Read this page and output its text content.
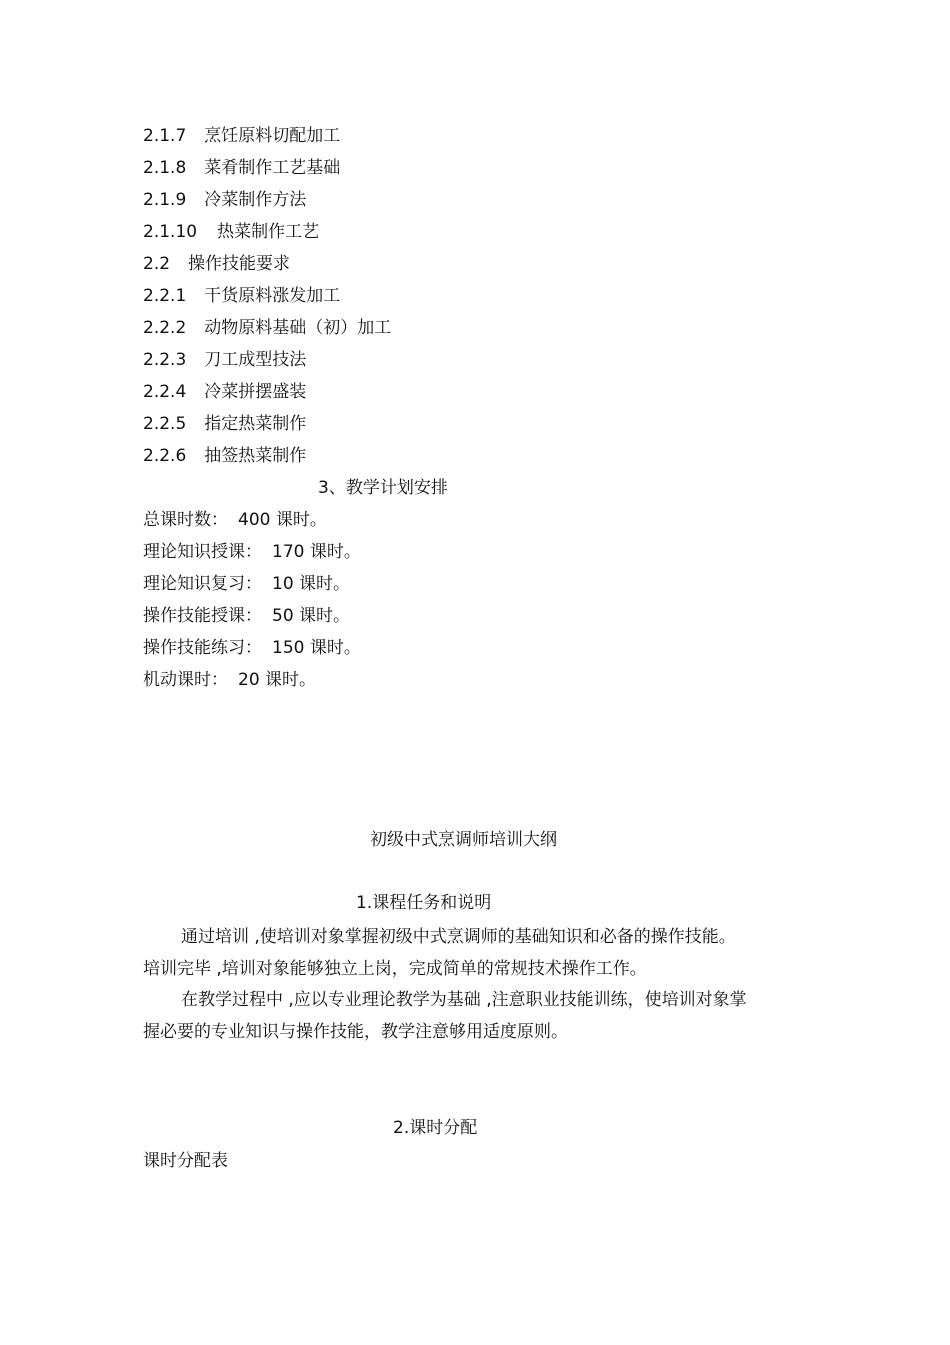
2.1.7 烹饪原料切配加工
2.1.8 菜肴制作工艺基础
2.1.9 冷菜制作方法
2.1.10 热菜制作工艺
2.2 操作技能要求
2.2.1 干货原料涨发加工
2.2.2 动物原料基础（初）加工
2.2.3 刀工成型技法
2.2.4 冷菜拼摆盛装
2.2.5 指定热菜制作
2.2.6 抽签热菜制作
3、教学计划安排
总课时数： 400 课时。
理论知识授课： 170 课时。
理论知识复习： 10 课时。
操作技能授课： 50 课时。
操作技能练习： 150 课时。
机动课时： 20 课时。
初级中式烹调师培训大纲
1.课程任务和说明
通过培训 ,使培训对象掌握初级中式烹调师的基础知识和必备的操作技能。
培训完毕 ,培训对象能够独立上岗，完成简单的常规技术操作工作。
在教学过程中 ,应以专业理论教学为基础 ,注意职业技能训练，使培训对象掌
握必要的专业知识与操作技能，教学注意够用适度原则。
2.课时分配
课时分配表
